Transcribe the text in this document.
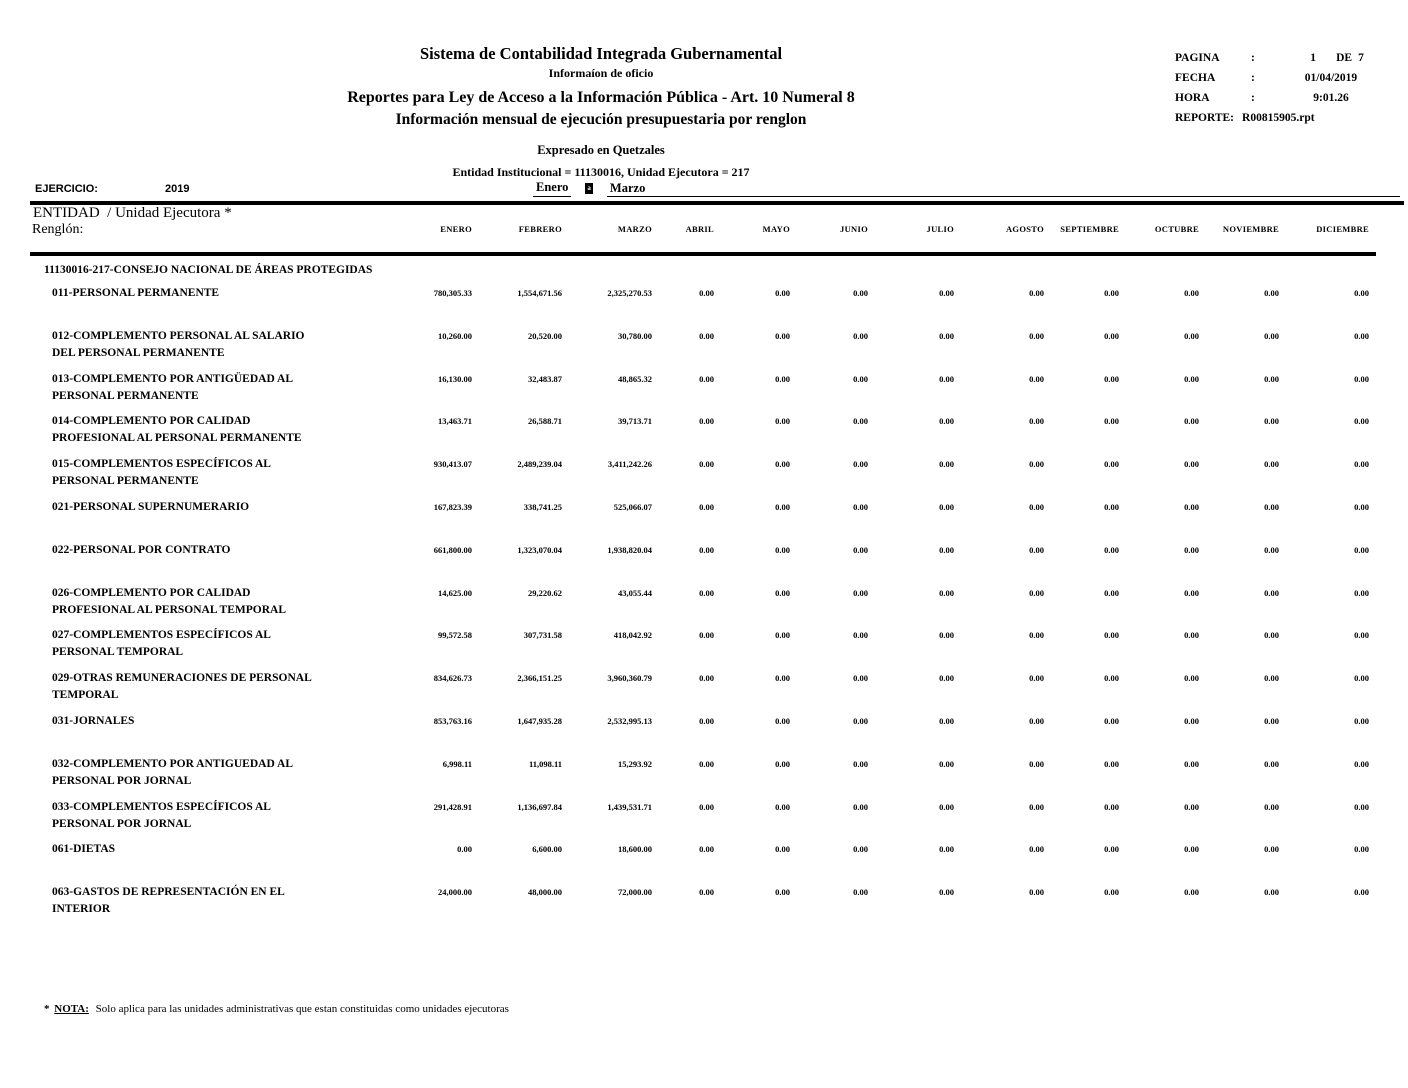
Sistema de Contabilidad Integrada Gubernamental
Informaíon de oficio
Reportes para Ley de Acceso a la Información Pública - Art. 10 Numeral 8
Información mensual de ejecución presupuestaria por renglon
Expresado en Quetzales
Entidad Institucional = 11130016, Unidad Ejecutora = 217
PAGINA	:	1 DE 7
FECHA	:	01/04/2019
HORA	:	9:01.26
REPORTE: R00815905.rpt
EJERCICIO:	2019	Enero	a Marzo
ENTIDAD  / Unidad Ejecutora *
Renglón:	ENERO	FEBRERO	MARZO	ABRIL	MAYO	JUNIO	JULIO	AGOSTO	SEPTIEMBRE	OCTUBRE	NOVIEMBRE	DICIEMBRE
11130016-217-CONSEJO NACIONAL DE ÁREAS PROTEGIDAS
011-PERSONAL PERMANENTE	780,305.33	1,554,671.56	2,325,270.53	0.00	0.00	0.00	0.00	0.00	0.00	0.00	0.00	0.00
012-COMPLEMENTO PERSONAL AL SALARIO
DEL PERSONAL PERMANENTE
10,260.00	20,520.00	30,780.00	0.00	0.00	0.00	0.00	0.00	0.00	0.00	0.00	0.00
013-COMPLEMENTO POR ANTIGÜEDAD AL
PERSONAL PERMANENTE
16,130.00	32,483.87	48,865.32	0.00	0.00	0.00	0.00	0.00	0.00	0.00	0.00	0.00
014-COMPLEMENTO POR CALIDAD
PROFESIONAL AL PERSONAL PERMANENTE
13,463.71	26,588.71	39,713.71	0.00	0.00	0.00	0.00	0.00	0.00	0.00	0.00	0.00
015-COMPLEMENTOS ESPECÍFICOS AL
PERSONAL PERMANENTE
930,413.07	2,489,239.04	3,411,242.26	0.00	0.00	0.00	0.00	0.00	0.00	0.00	0.00	0.00
021-PERSONAL SUPERNUMERARIO	167,823.39	338,741.25	525,066.07	0.00	0.00	0.00	0.00	0.00	0.00	0.00	0.00	0.00
022-PERSONAL POR CONTRATO	661,800.00	1,323,070.04	1,938,820.04	0.00	0.00	0.00	0.00	0.00	0.00	0.00	0.00	0.00
026-COMPLEMENTO POR CALIDAD
PROFESIONAL AL PERSONAL TEMPORAL
14,625.00	29,220.62	43,055.44	0.00	0.00	0.00	0.00	0.00	0.00	0.00	0.00	0.00
027-COMPLEMENTOS ESPECÍFICOS AL
PERSONAL TEMPORAL
99,572.58	307,731.58	418,042.92	0.00	0.00	0.00	0.00	0.00	0.00	0.00	0.00	0.00
029-OTRAS REMUNERACIONES DE PERSONAL
TEMPORAL
834,626.73	2,366,151.25	3,960,360.79	0.00	0.00	0.00	0.00	0.00	0.00	0.00	0.00	0.00
031-JORNALES	853,763.16	1,647,935.28	2,532,995.13	0.00	0.00	0.00	0.00	0.00	0.00	0.00	0.00	0.00
032-COMPLEMENTO POR ANTIGUEDAD AL
PERSONAL POR JORNAL
6,998.11	11,098.11	15,293.92	0.00	0.00	0.00	0.00	0.00	0.00	0.00	0.00	0.00
033-COMPLEMENTOS ESPECÍFICOS AL
PERSONAL POR JORNAL
291,428.91	1,136,697.84	1,439,531.71	0.00	0.00	0.00	0.00	0.00	0.00	0.00	0.00	0.00
061-DIETAS	0.00	6,600.00	18,600.00	0.00	0.00	0.00	0.00	0.00	0.00	0.00	0.00	0.00
063-GASTOS DE REPRESENTACIÓN EN EL
INTERIOR
24,000.00	48,000.00	72,000.00	0.00	0.00	0.00	0.00	0.00	0.00	0.00	0.00	0.00
* NOTA: Solo aplica para las unidades administrativas que estan constituidas como unidades ejecutoras
